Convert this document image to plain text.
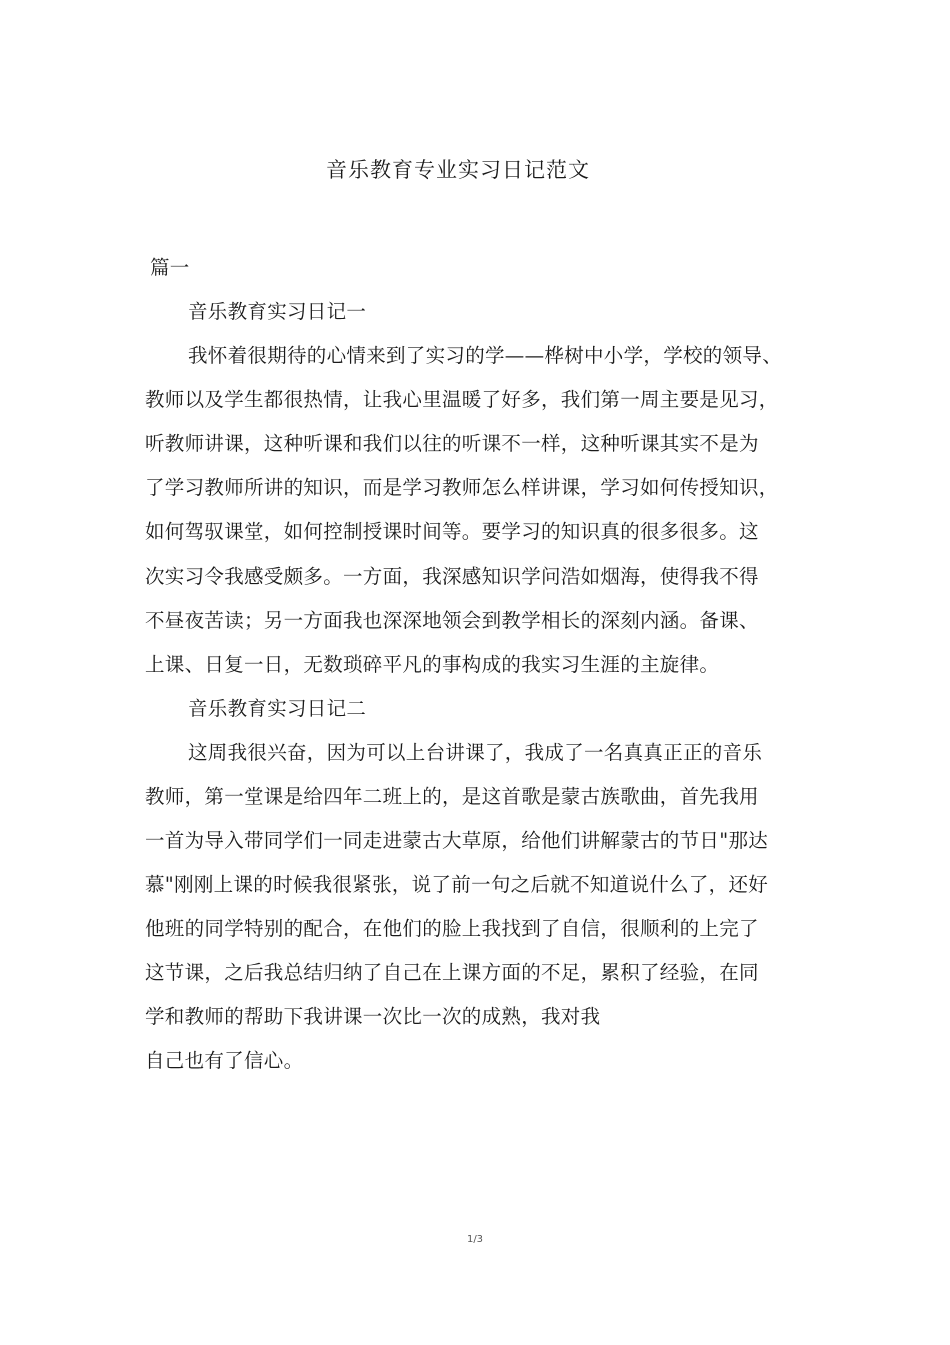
音乐教育专业实习日记范文
篇一
音乐教育实习日记一
我怀着很期待的心情来到了实习的学——桦树中小学，学校的领导、
教师以及学生都很热情，让我心里温暖了好多，我们第一周主要是见习，
听教师讲课，这种听课和我们以往的听课不一样，这种听课其实不是为
了学习教师所讲的知识，而是学习教师怎么样讲课，学习如何传授知识，
如何驾驭课堂，如何控制授课时间等。要学习的知识真的很多很多。这
次实习令我感受颇多。一方面，我深感知识学问浩如烟海，使得我不得
不昼夜苦读；另一方面我也深深地领会到教学相长的深刻内涵。备课、
上课、日复一日，无数琐碎平凡的事构成的我实习生涯的主旋律。
音乐教育实习日记二
这周我很兴奋，因为可以上台讲课了，我成了一名真真正正的音乐
教师，第一堂课是给四年二班上的，是这首歌是蒙古族歌曲，首先我用
一首为导入带同学们一同走进蒙古大草原，给他们讲解蒙古的节日"那达
慕"刚刚上课的时候我很紧张，说了前一句之后就不知道说什么了，还好
他班的同学特别的配合，在他们的脸上我找到了自信，很顺利的上完了
这节课，之后我总结归纳了自己在上课方面的不足，累积了经验，在同
学和教师的帮助下我讲课一次比一次的成熟，我对我
自己也有了信心。
1/3
